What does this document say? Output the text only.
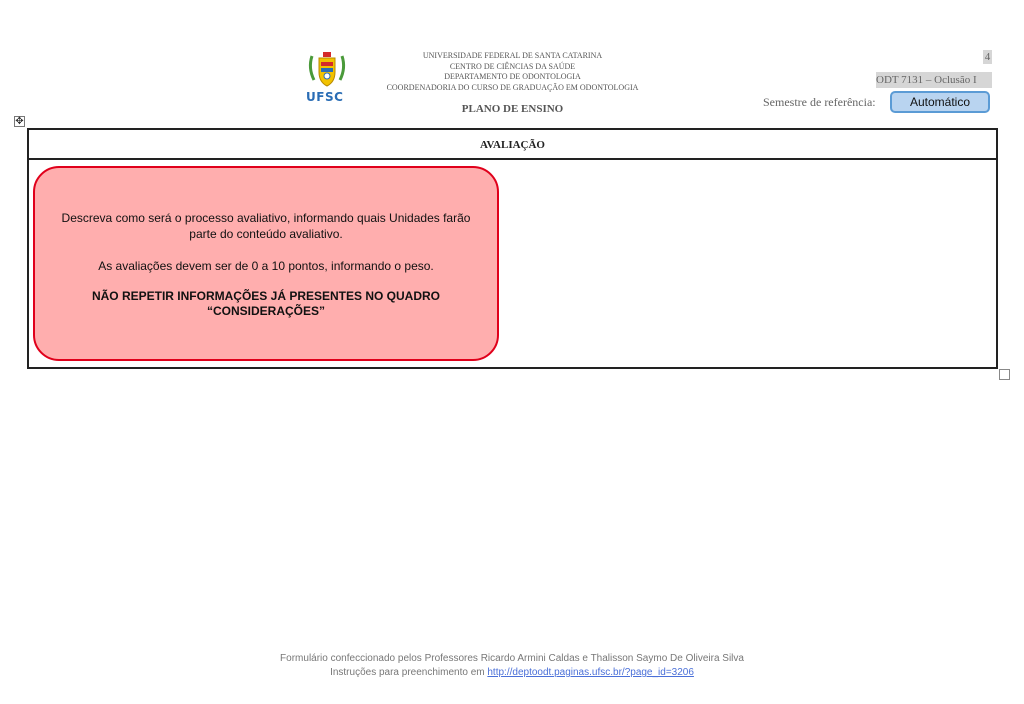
UFSC
UNIVERSIDADE FEDERAL DE SANTA CATARINA
CENTRO DE CIÊNCIAS DA SAÚDE
DEPARTAMENTO DE ODONTOLOGIA
COORDENADORIA DO CURSO DE GRADUAÇÃO EM ODONTOLOGIA
PLANO DE ENSINO
4
ODT 7131 – Oclusão I
Semestre de referência:	Automático
✥
AVALIAÇÃO
Descreva como será o processo avaliativo, informando quais Unidades farão parte do conteúdo avaliativo.
As avaliações devem ser de 0 a 10 pontos, informando o peso.
NÃO REPETIR INFORMAÇÕES JÁ PRESENTES NO QUADRO “CONSIDERAÇÕES”
Formulário confeccionado pelos Professores Ricardo Armini Caldas e Thalisson Saymo De Oliveira Silva
Instruções para preenchimento em http://deptoodt.paginas.ufsc.br/?page_id=3206
